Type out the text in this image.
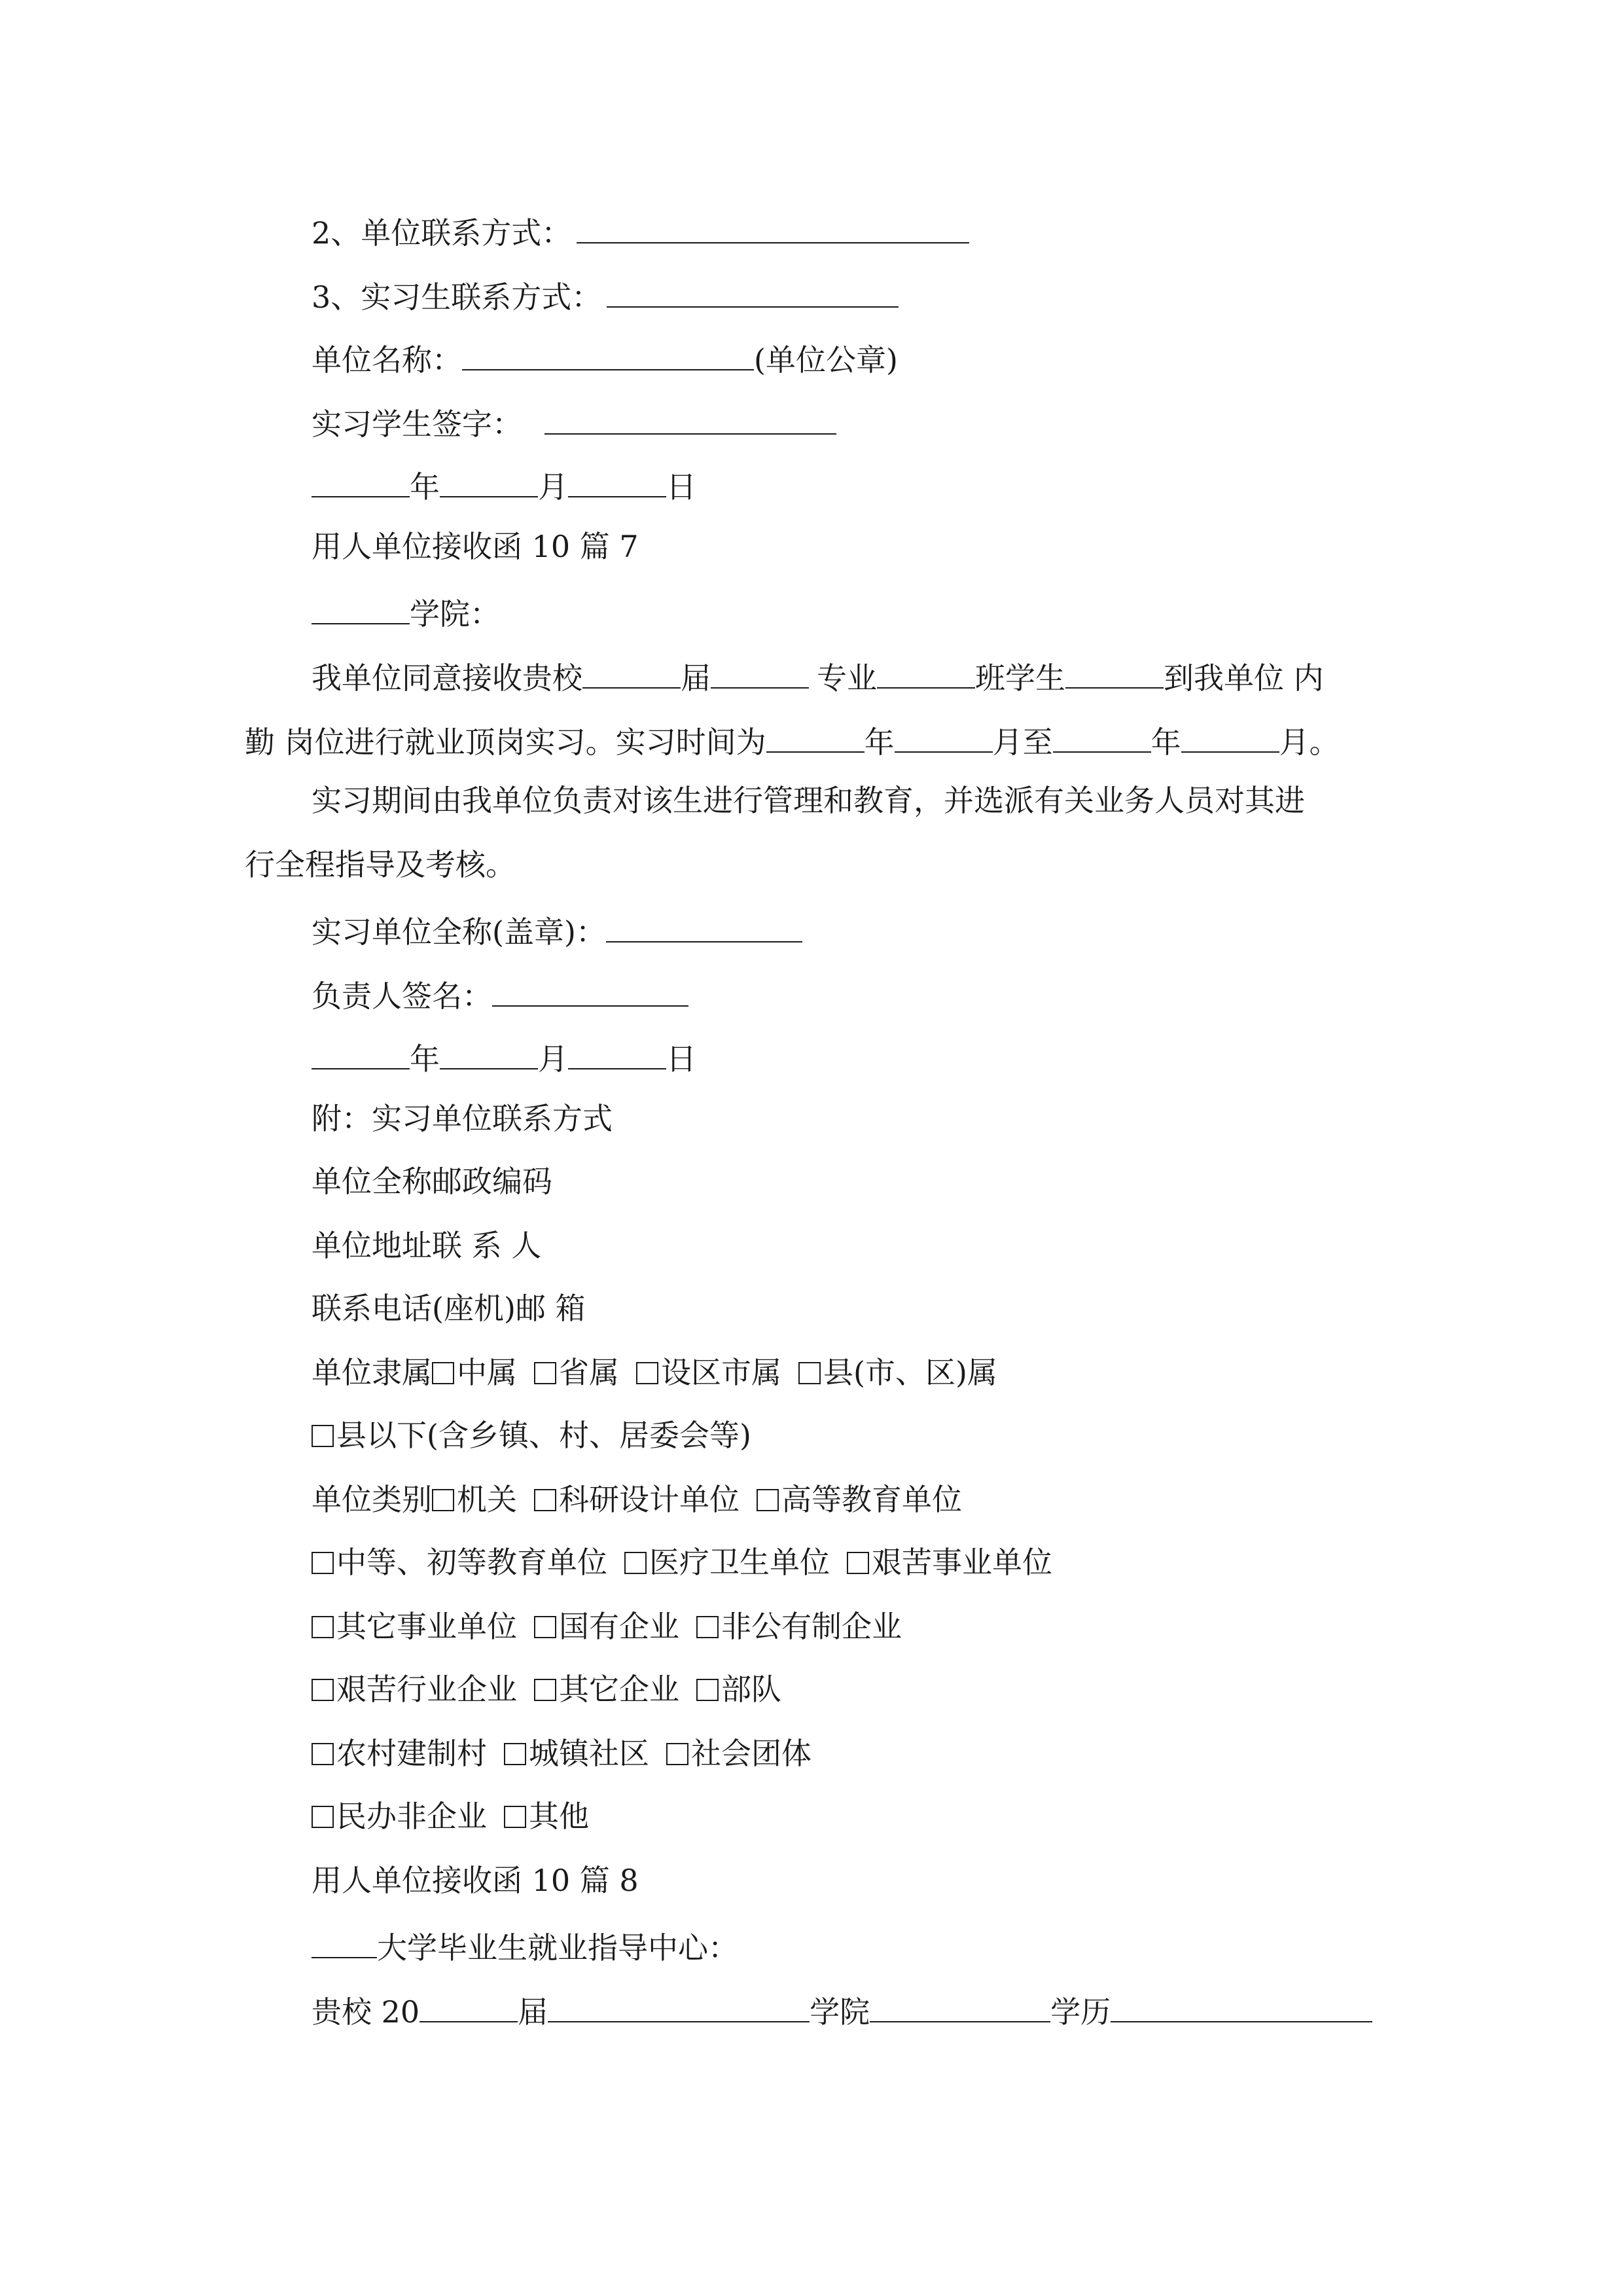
2、单位联系方式：
3、实习生联系方式：
单位名称：	(单位公章)
实习学生签字：
年	月	日
用人单位接收函 10 篇 7
学院：
我单位同意接收贵校	届	专业	班学生	到我单位 内
勤 岗位进行就业顶岗实习。实习时间为	年	月至	年	月。
实习期间由我单位负责对该生进行管理和教育，并选派有关业务人员对其进
行全程指导及考核。
实习单位全称(盖章)：
负责人签名：
年	月	日
附：实习单位联系方式
单位全称邮政编码
单位地址联 系 人
联系电话(座机)邮 箱
单位隶属 中属 省属 设区市属 县(市、区)属
县以下(含乡镇、村、居委会等)
单位类别 机关 科研设计单位 高等教育单位
中等、初等教育单位 医疗卫生单位 艰苦事业单位
其它事业单位 国有企业 非公有制企业
艰苦行业企业 其它企业 部队
农村建制村 城镇社区 社会团体
民办非企业 其他
用人单位接收函 10 篇 8
大学毕业生就业指导中心：
贵校 20	届	学院	学历
